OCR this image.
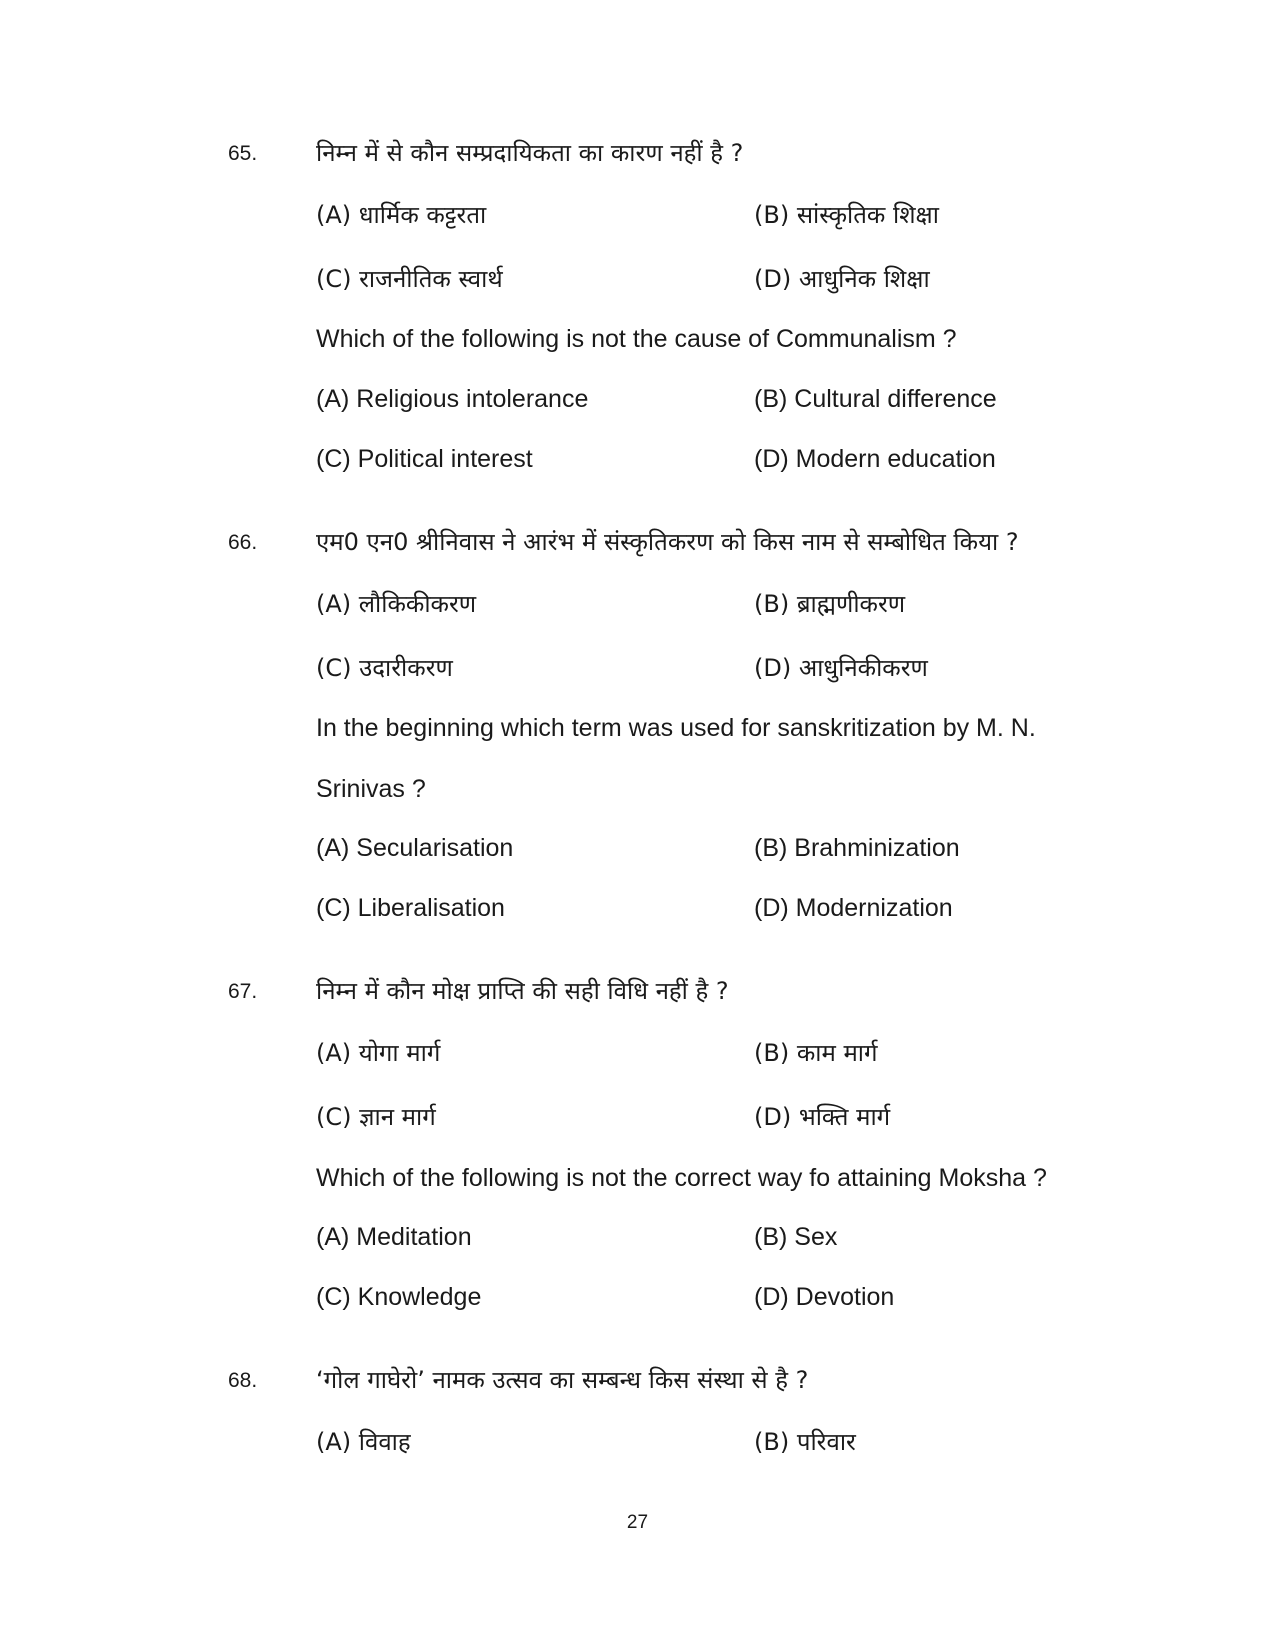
65. निम्न में से कौन सम्प्रदायिकता का कारण नहीं है ?
(A) धार्मिक कट्टरता	(B) सांस्कृतिक शिक्षा
(C) राजनीतिक स्वार्थ	(D) आधुनिक शिक्षा
Which of the following is not the cause of Communalism ?
(A) Religious intolerance	(B) Cultural difference
(C) Political interest	(D) Modern education
66. एम0 एन0 श्रीनिवास ने आरंभ में संस्कृतिकरण को किस नाम से सम्बोधित किया ?
(A) लौकिकीकरण	(B) ब्राह्मणीकरण
(C) उदारीकरण	(D) आधुनिकीकरण
In the beginning which term was used for sanskritization by M. N.
Srinivas ?
(A) Secularisation	(B) Brahminization
(C) Liberalisation	(D) Modernization
67. निम्न में कौन मोक्ष प्राप्ति की सही विधि नहीं है ?
(A) योगा मार्ग	(B) काम मार्ग
(C) ज्ञान मार्ग	(D) भक्ति मार्ग
Which of the following is not the correct way fo attaining Moksha ?
(A) Meditation	(B) Sex
(C) Knowledge	(D) Devotion
68. ‘गोल गाघेरो’ नामक उत्सव का सम्बन्ध किस संस्था से है ?
(A) विवाह	(B) परिवार
27
